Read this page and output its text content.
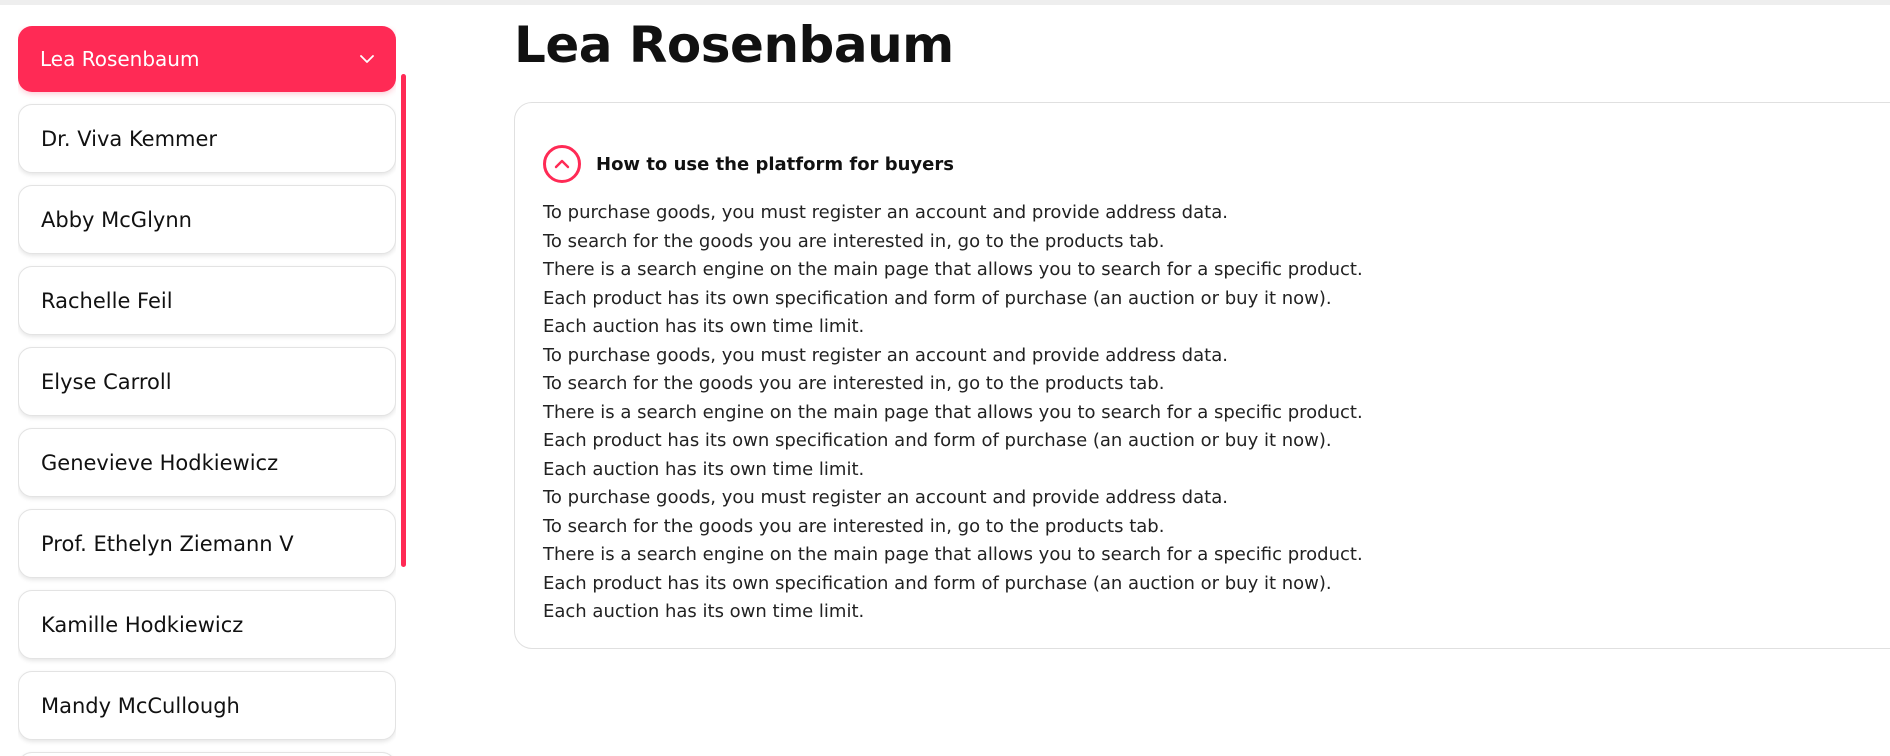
Lea Rosenbaum
Dr. Viva Kemmer
Abby McGlynn
Rachelle Feil
Elyse Carroll
Genevieve Hodkiewicz
Prof. Ethelyn Ziemann V
Kamille Hodkiewicz
Mandy McCullough
Lea Rosenbaum
How to use the platform for buyers
To purchase goods, you must register an account and provide address data.
To search for the goods you are interested in, go to the products tab.
There is a search engine on the main page that allows you to search for a specific product.
Each product has its own specification and form of purchase (an auction or buy it now).
Each auction has its own time limit.
To purchase goods, you must register an account and provide address data.
To search for the goods you are interested in, go to the products tab.
There is a search engine on the main page that allows you to search for a specific product.
Each product has its own specification and form of purchase (an auction or buy it now).
Each auction has its own time limit.
To purchase goods, you must register an account and provide address data.
To search for the goods you are interested in, go to the products tab.
There is a search engine on the main page that allows you to search for a specific product.
Each product has its own specification and form of purchase (an auction or buy it now).
Each auction has its own time limit.
